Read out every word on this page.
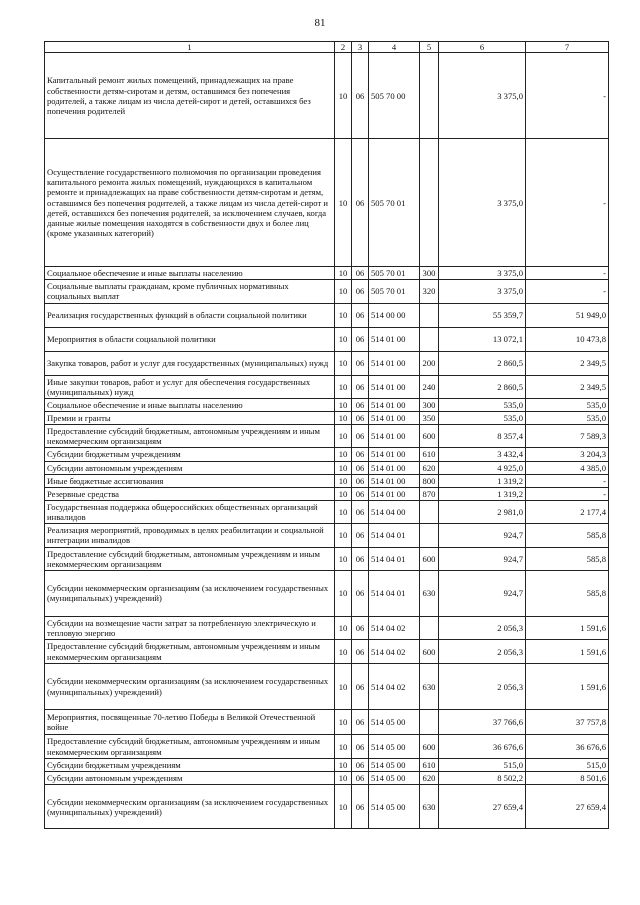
81
1	2	3	4	5	6	7
Капитальный ремонт жилых помещений, принадлежащих на праве собственности детям-сиротам и детям, оставшимся без попечения родителей, а также лицам из числа детей-сирот и детей, оставшихся без попечения родителей	10	06	505 70 00		3 375,0	-
Осуществление государственного полномочия по организации проведения капитального ремонта жилых помещений, нуждающихся в капитальном ремонте и принадлежащих на праве собственности детям-сиротам и детям, оставшимся без попечения родителей, а также лицам из числа детей-сирот и детей, оставшихся без попечения родителей, за исключением случаев, когда данные жилые помещения находятся в собственности двух и более лиц (кроме указанных категорий)	10	06	505 70 01		3 375,0	-
Социальное обеспечение и иные выплаты населению	10	06	505 70 01	300	3 375,0	-
Социальные выплаты гражданам, кроме публичных нормативных социальных выплат	10	06	505 70 01	320	3 375,0	-
Реализация государственных функций в области социальной политики	10	06	514 00 00		55 359,7	51 949,0
Мероприятия в области социальной политики	10	06	514 01 00		13 072,1	10 473,8
Закупка товаров, работ и услуг для государственных (муниципальных) нужд	10	06	514 01 00	200	2 860,5	2 349,5
Иные закупки товаров, работ и услуг для обеспечения государственных (муниципальных) нужд	10	06	514 01 00	240	2 860,5	2 349,5
Социальное обеспечение и иные выплаты населению	10	06	514 01 00	300	535,0	535,0
Премии и гранты	10	06	514 01 00	350	535,0	535,0
Предоставление субсидий бюджетным, автономным учреждениям и иным некоммерческим организациям	10	06	514 01 00	600	8 357,4	7 589,3
Субсидии бюджетным учреждениям	10	06	514 01 00	610	3 432,4	3 204,3
Субсидии автономным учреждениям	10	06	514 01 00	620	4 925,0	4 385,0
Иные бюджетные ассигнования	10	06	514 01 00	800	1 319,2	-
Резервные средства	10	06	514 01 00	870	1 319,2	-
Государственная поддержка общероссийских общественных организаций инвалидов	10	06	514 04 00		2 981,0	2 177,4
Реализация мероприятий, проводимых в целях реабилитации и социальной интеграции инвалидов	10	06	514 04 01		924,7	585,8
Предоставление субсидий бюджетным, автономным учреждениям и иным некоммерческим организациям	10	06	514 04 01	600	924,7	585,8
Субсидии некоммерческим организациям (за исключением государственных (муниципальных) учреждений)	10	06	514 04 01	630	924,7	585,8
Субсидии на возмещение части затрат за потребленную электрическую и тепловую энергию	10	06	514 04 02		2 056,3	1 591,6
Предоставление субсидий бюджетным, автономным учреждениям и иным некоммерческим организациям	10	06	514 04 02	600	2 056,3	1 591,6
Субсидии некоммерческим организациям (за исключением государственных (муниципальных) учреждений)	10	06	514 04 02	630	2 056,3	1 591,6
Мероприятия, посвященные 70-летию Победы в Великой Отечественной войне	10	06	514 05 00		37 766,6	37 757,8
Предоставление субсидий бюджетным, автономным учреждениям и иным некоммерческим организациям	10	06	514 05 00	600	36 676,6	36 676,6
Субсидии бюджетным учреждениям	10	06	514 05 00	610	515,0	515,0
Субсидии автономным учреждениям	10	06	514 05 00	620	8 502,2	8 501,6
Субсидии некоммерческим организациям (за исключением государственных (муниципальных) учреждений)	10	06	514 05 00	630	27 659,4	27 659,4
